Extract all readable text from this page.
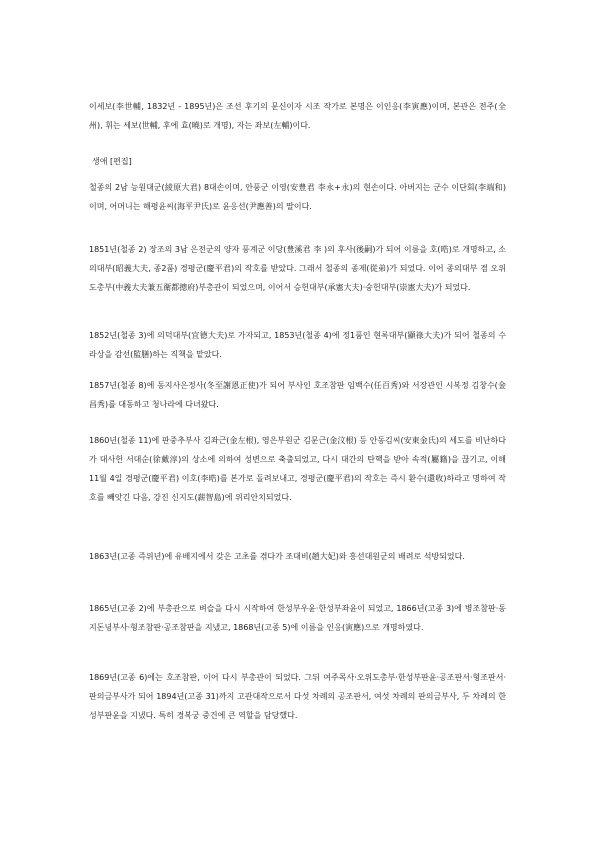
이세보(李世輔, 1832년 - 1895년)은 조선 후기의 문신이자 시조 작가로 본명은 이인응(李寅應)이며, 본관은 전주(全州), 휘는 세보(世輔, 후에 효(曉)로 개명), 자는 좌보(左輔)이다.

생애 [편집]

철종의 2남 능원대군(綾原大君) 8대손이며, 안풍군 이영(安豊君 李永+永)의 현손이다. 아버지는 군수 이단회(李端和)이며, 어머니는 해평윤씨(海平尹氏)로 윤응선(尹應善)의 딸이다.

1851년(철종 2) 장조의 3남 은전군의 양자 풍계군 이당(豊溪君 李 )의 후사(後嗣)가 되어 이름을 호(晧)로 개명하고, 소의대부(昭義大夫, 종2품) 경평군(慶平君)의 작호를 받았다. 그래서 철종의 종제(從弟)가 되었다. 이어 종의대부 겸 오위도총부(中義大夫兼五衛都摠府)부총관이 되었으며, 이어서 승헌대부(承憲大夫)·숭헌대부(崇憲大夫)가 되었다.

1852년(철종 3)에 의덕대부(宜德大夫)로 가자되고, 1853년(철종 4)에 정1품인 현록대부(顯祿大夫)가 되어 철종의 수라상을 감선(監膳)하는 직책을 맡았다.

1857년(철종 8)에 동지사은정사(冬至謝恩正使)가 되어 부사인 호조참판 임백수(任百秀)와 서장관인 시복정 김창수(金昌秀)를 대동하고 청나라에 다녀왔다.

1860년(철종 11)에 판중추부사 김좌근(金左根), 영은부원군 김문근(金汶根) 등 안동김씨(安東金氏)의 세도를 비난하다가 대사헌 서대순(徐戴淳)의 상소에 의하여 성변으로 축출되었고, 다시 대간의 탄핵을 받아 속적(屬籍)을 끊기고, 이해 11월 4일 경평군(慶平君) 이호(李晧)를 본가로 돌려보내고, 경평군(慶平君)의 작호는 즉시 환수(還收)하라고 명하여 작호를 빼앗긴 다음, 강진 신지도(薪智島)에 위리안치되었다.

1863년(고종 즉위년)에 유배지에서 갖은 고초를 겪다가 조대비(趙大妃)와 흥선대원군의 배려로 석방되었다.

1865년(고종 2)에 부총관으로 벼슬을 다시 시작하여 한성부우윤·한성부좌윤이 되었고, 1866년(고종 3)에 병조참판·동지돈녕부사·형조참판·공조참판을 지냈고, 1868년(고종 5)에 이름을 인응(寅應)으로 개명하였다.

1869년(고종 6)에는 호조참판, 이어 다시 부총관이 되었다. 그뒤 여주목사·오위도총부·한성부판윤·공조판서·형조판서·판의금부사가 되어 1894년(고종 31)까지 고관대작으로서 다섯 차례의 공조판서, 여섯 차례의 판의금부사, 두 차례의 한성부판윤을 지냈다. 특히 경복궁 중건에 큰 역할을 담당했다.
